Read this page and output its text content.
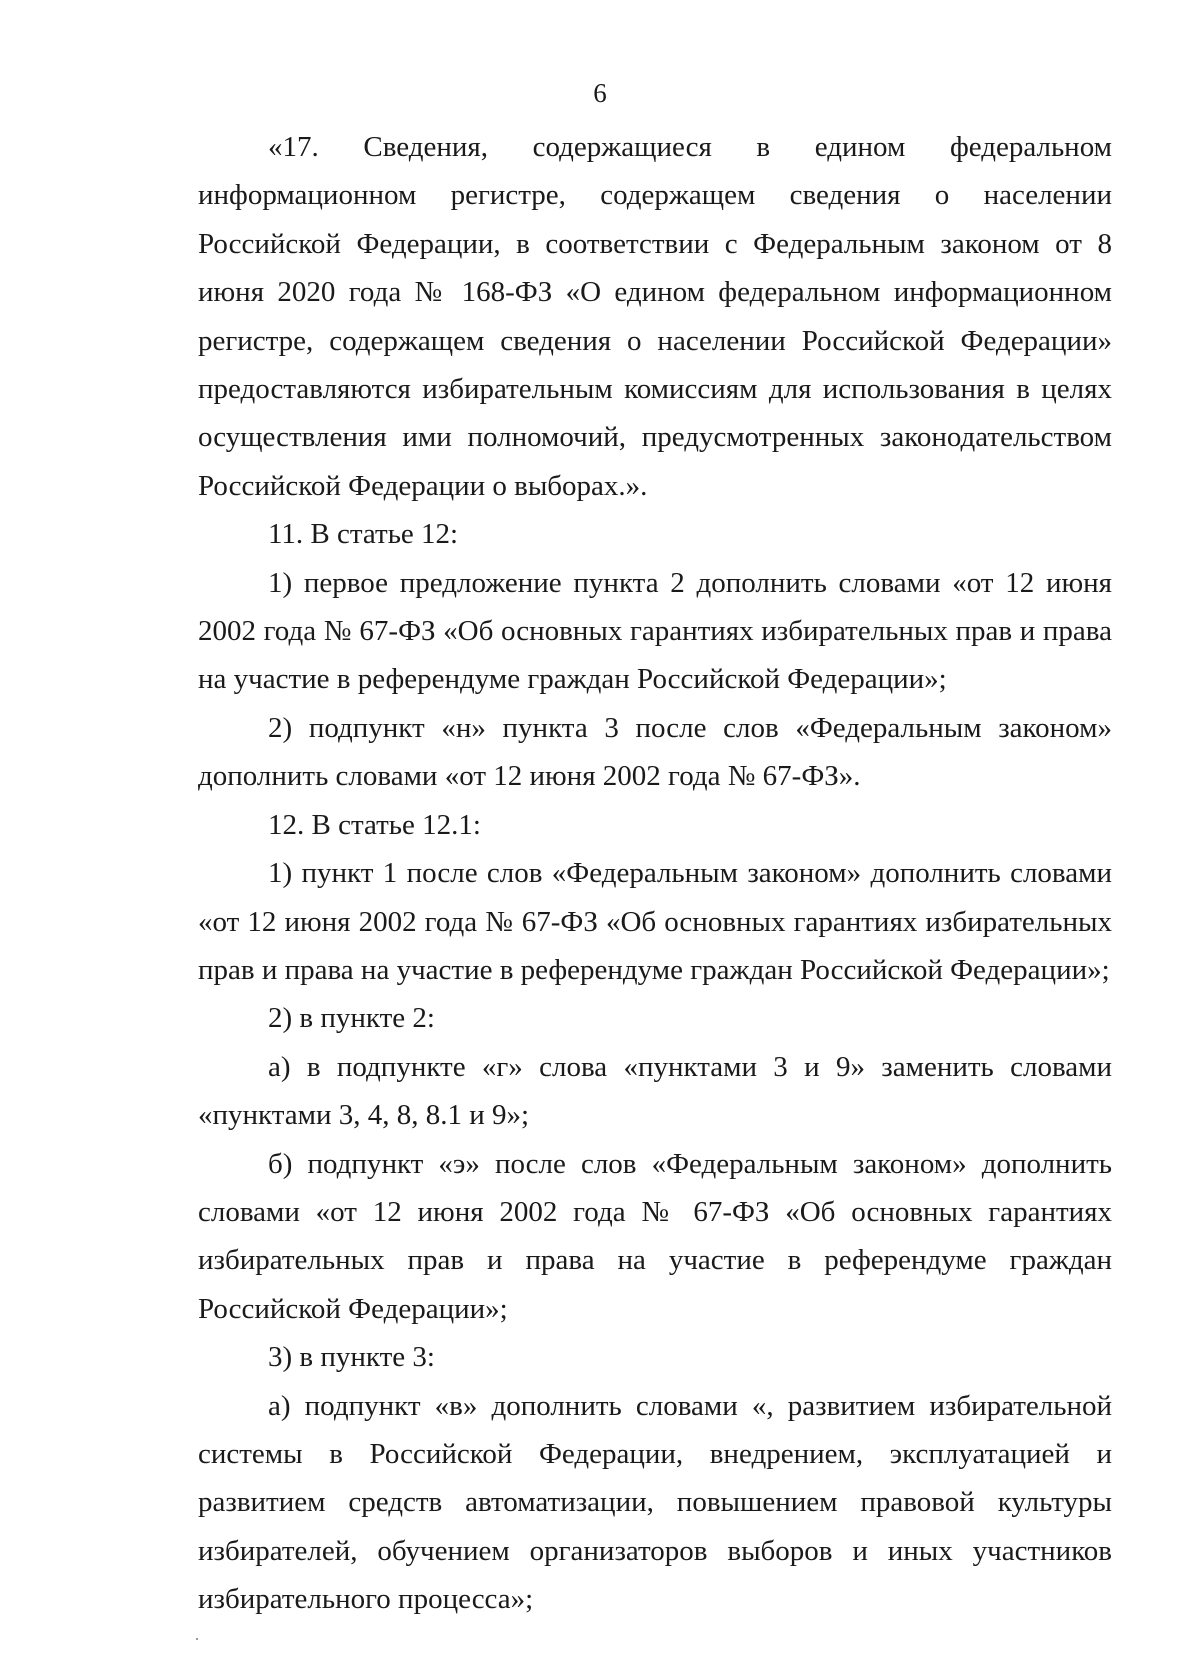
6

«17. Сведения, содержащиеся в едином федеральном информационном регистре, содержащем сведения о населении Российской Федерации, в соответствии с Федеральным законом от 8 июня 2020 года № 168-ФЗ «О едином федеральном информационном регистре, содержащем сведения о населении Российской Федерации» предоставляются избирательным комиссиям для использования в целях осуществления ими полномочий, предусмотренных законодательством Российской Федерации о выборах.».

11. В статье 12:

1) первое предложение пункта 2 дополнить словами «от 12 июня 2002 года № 67-ФЗ «Об основных гарантиях избирательных прав и права на участие в референдуме граждан Российской Федерации»;

2) подпункт «н» пункта 3 после слов «Федеральным законом» дополнить словами «от 12 июня 2002 года № 67-ФЗ».

12. В статье 12.1:

1) пункт 1 после слов «Федеральным законом» дополнить словами «от 12 июня 2002 года № 67-ФЗ «Об основных гарантиях избирательных прав и права на участие в референдуме граждан Российской Федерации»;

2) в пункте 2:

а) в подпункте «г» слова «пунктами 3 и 9» заменить словами «пунктами 3, 4, 8, 8.1 и 9»;

б) подпункт «э» после слов «Федеральным законом» дополнить словами «от 12 июня 2002 года № 67-ФЗ «Об основных гарантиях избирательных прав и права на участие в референдуме граждан Российской Федерации»;

3) в пункте 3:

а) подпункт «в» дополнить словами «, развитием избирательной системы в Российской Федерации, внедрением, эксплуатацией и развитием средств автоматизации, повышением правовой культуры избирателей, обучением организаторов выборов и иных участников избирательного процесса»;
